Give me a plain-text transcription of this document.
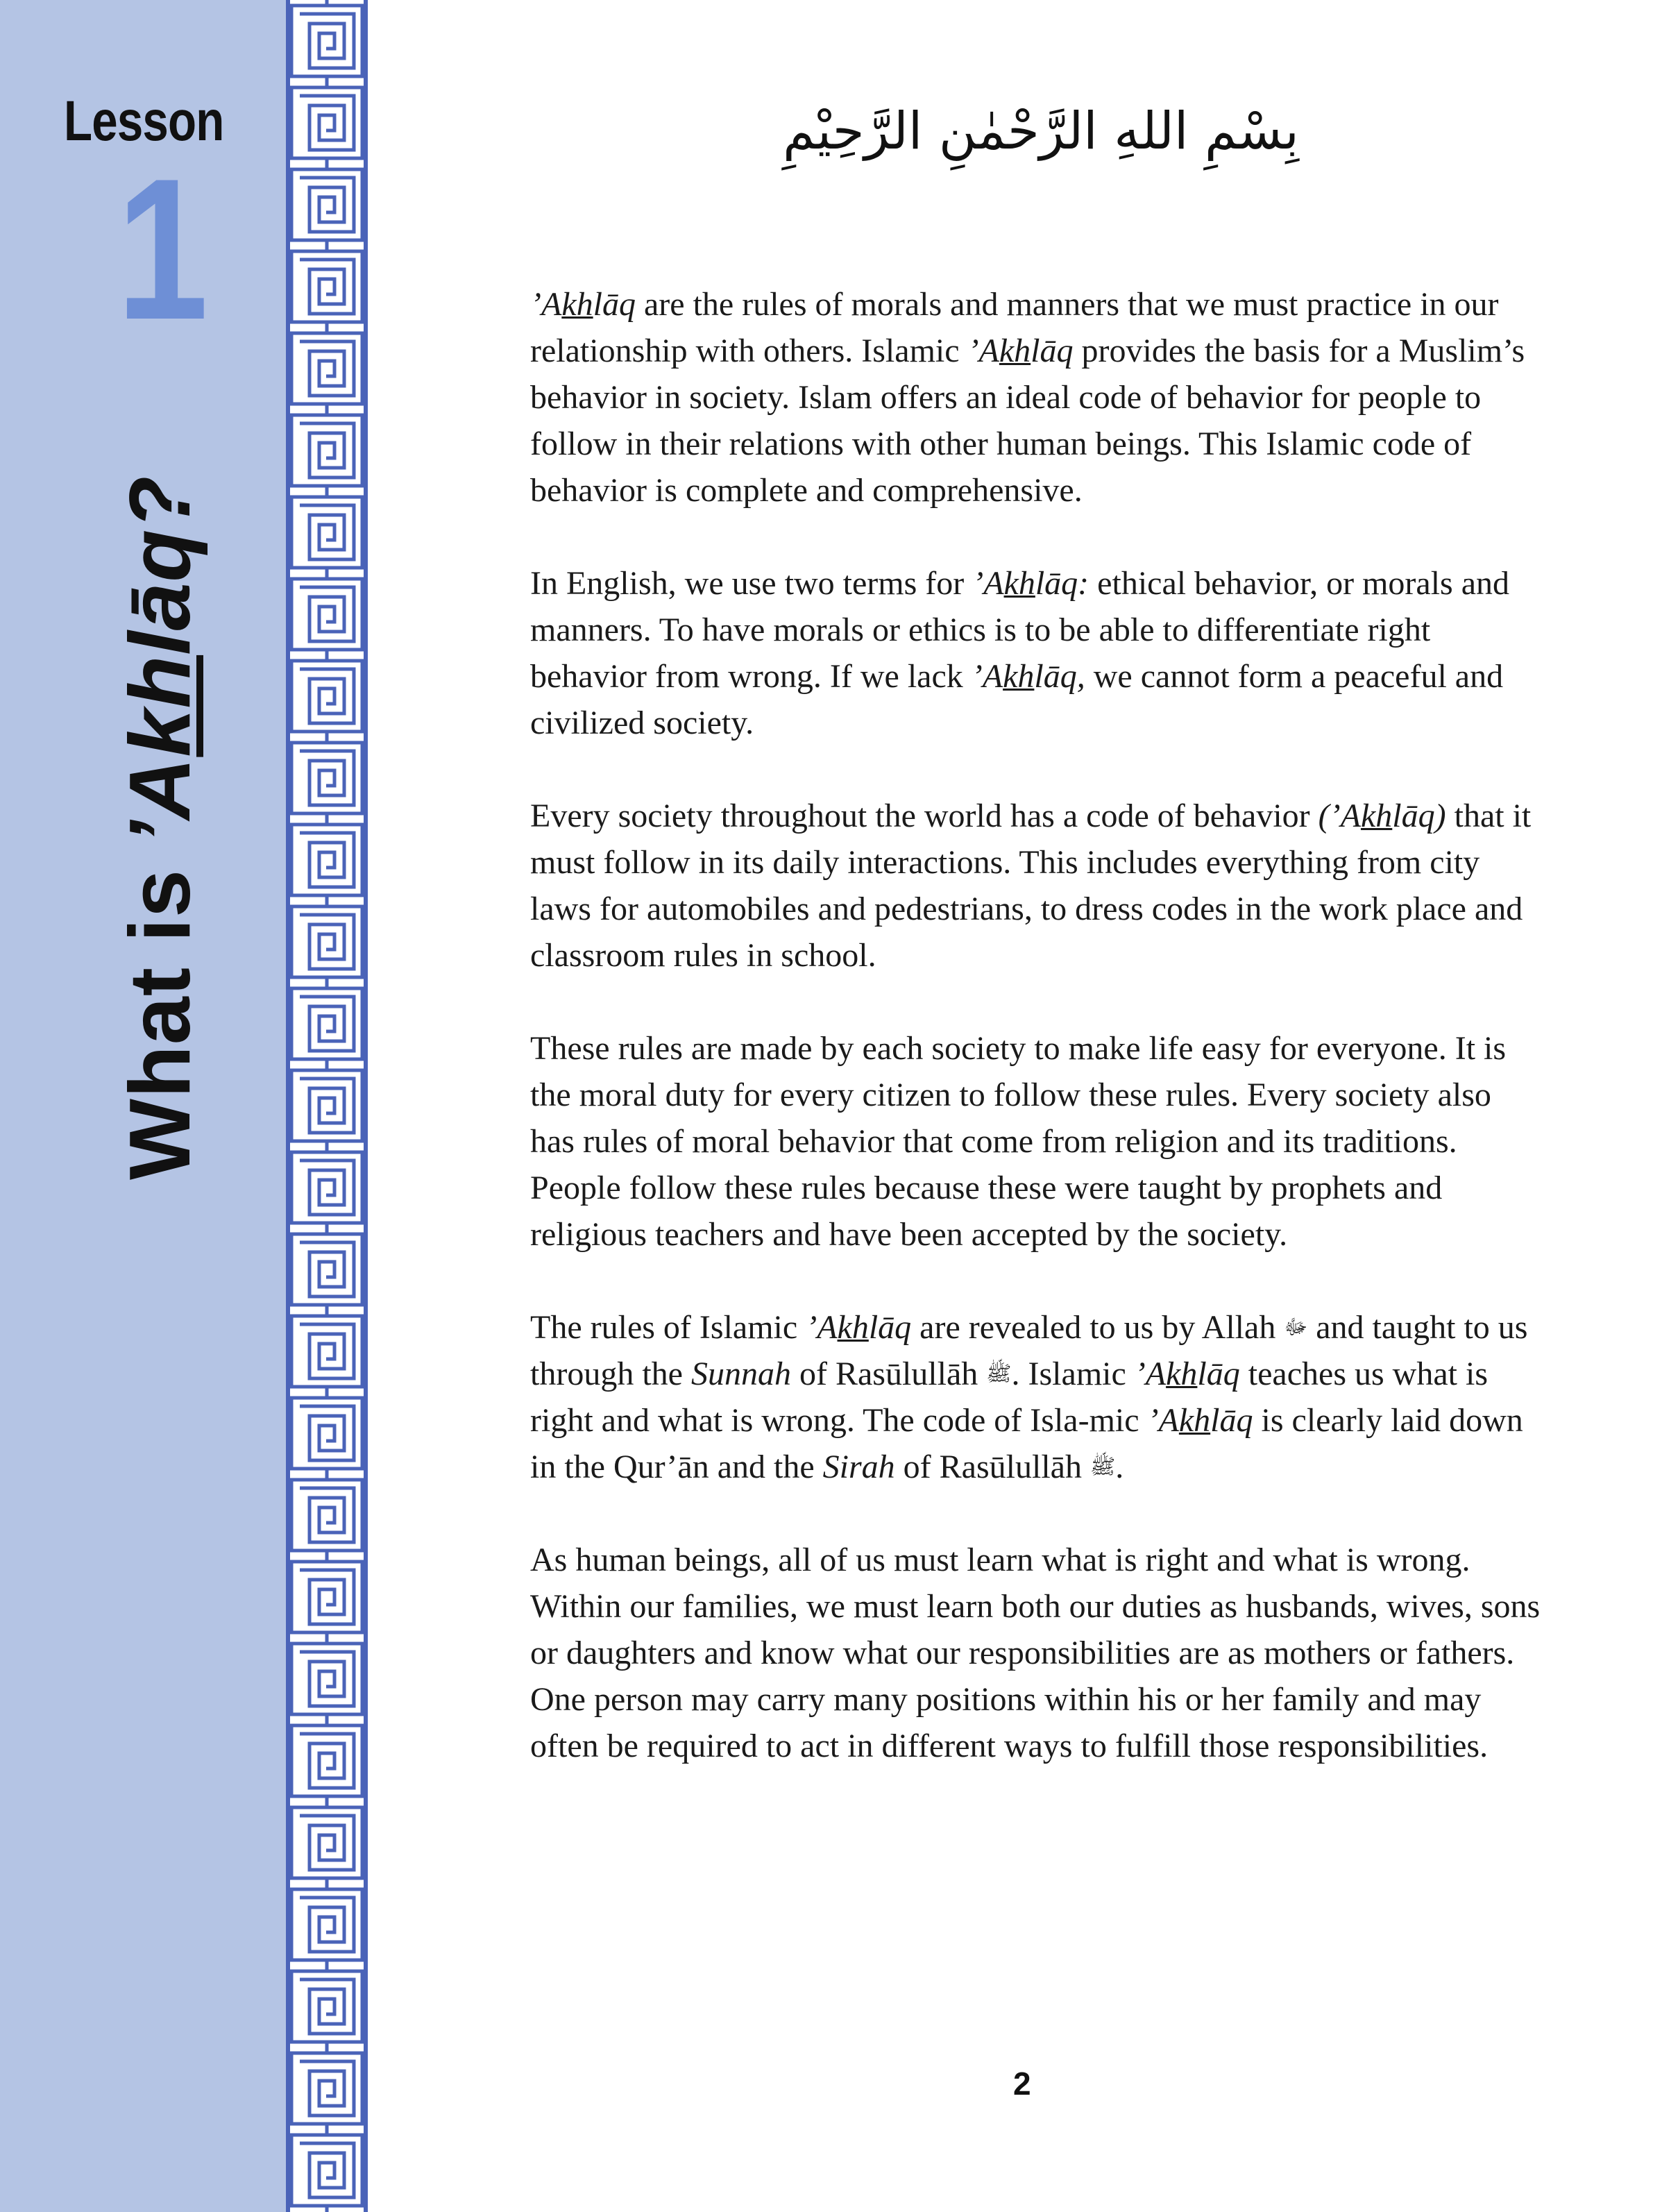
Lesson
1
What is ’Akhlāq?
بِسْمِ اللهِ الرَّحْمٰنِ الرَّحِيْمِ

’Akhlāq are the rules of morals and manners that we must practice in our relationship with others. Islamic ’Akhlāq provides the basis for a Muslim’s behavior in society. Islam offers an ideal code of behavior for people to follow in their relations with other human beings. This Islamic code of behavior is complete and comprehensive.

In English, we use two terms for ’Akhlāq: ethical behavior, or morals and manners. To have morals or ethics is to be able to differentiate right behavior from wrong. If we lack ’Akhlāq, we cannot form a peaceful and civilized society.

Every society throughout the world has a code of behavior (’Akhlāq) that it must follow in its daily interactions. This includes everything from city laws for automobiles and pedestrians, to dress codes in the work place and classroom rules in school.

These rules are made by each society to make life easy for everyone. It is the moral duty for every citizen to follow these rules. Every society also has rules of moral behavior that come from religion and its traditions. People follow these rules because these were taught by prophets and religious teachers and have been accepted by the society.

The rules of Islamic ’Akhlāq are revealed to us by Allah ﷻ and taught to us through the Sunnah of Rasūlullāh ﷺ. Islamic ’Akhlāq teaches us what is right and what is wrong. The code of Isla-mic ’Akhlāq is clearly laid down in the Qur’ān and the Sirah of Rasūlullāh ﷺ.

As human beings, all of us must learn what is right and what is wrong. Within our families, we must learn both our duties as husbands, wives, sons or daughters and know what our responsibilities are as mothers or fathers. One person may carry many positions within his or her family and may often be required to act in different ways to fulfill those responsibilities.

2
